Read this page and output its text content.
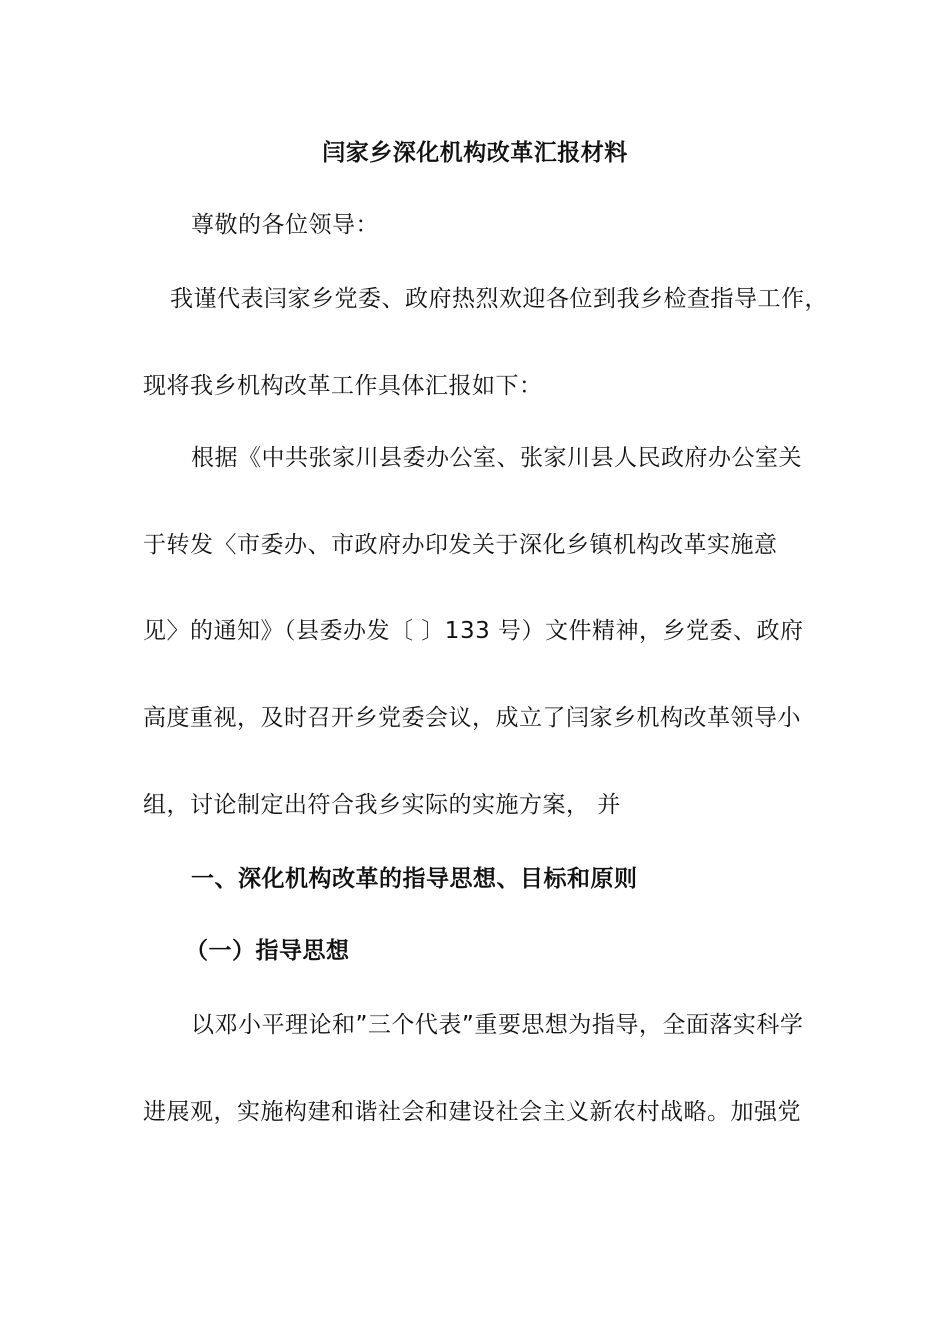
闫家乡深化机构改革汇报材料
尊敬的各位领导：
我谨代表闫家乡党委、政府热烈欢迎各位到我乡检查指导工作，
现将我乡机构改革工作具体汇报如下：
根据《中共张家川县委办公室、张家川县人民政府办公室关
于转发〈市委办、市政府办印发关于深化乡镇机构改革实施意
见〉的通知》（县委办发〔 〕133 号）文件精神，乡党委、政府
高度重视，及时召开乡党委会议，成立了闫家乡机构改革领导小
组，讨论制定出符合我乡实际的实施方案， 并
一、深化机构改革的指导思想、目标和原则
（一）指导思想
以邓小平理论和”三个代表”重要思想为指导，全面落实科学
进展观，实施构建和谐社会和建设社会主义新农村战略。加强党
